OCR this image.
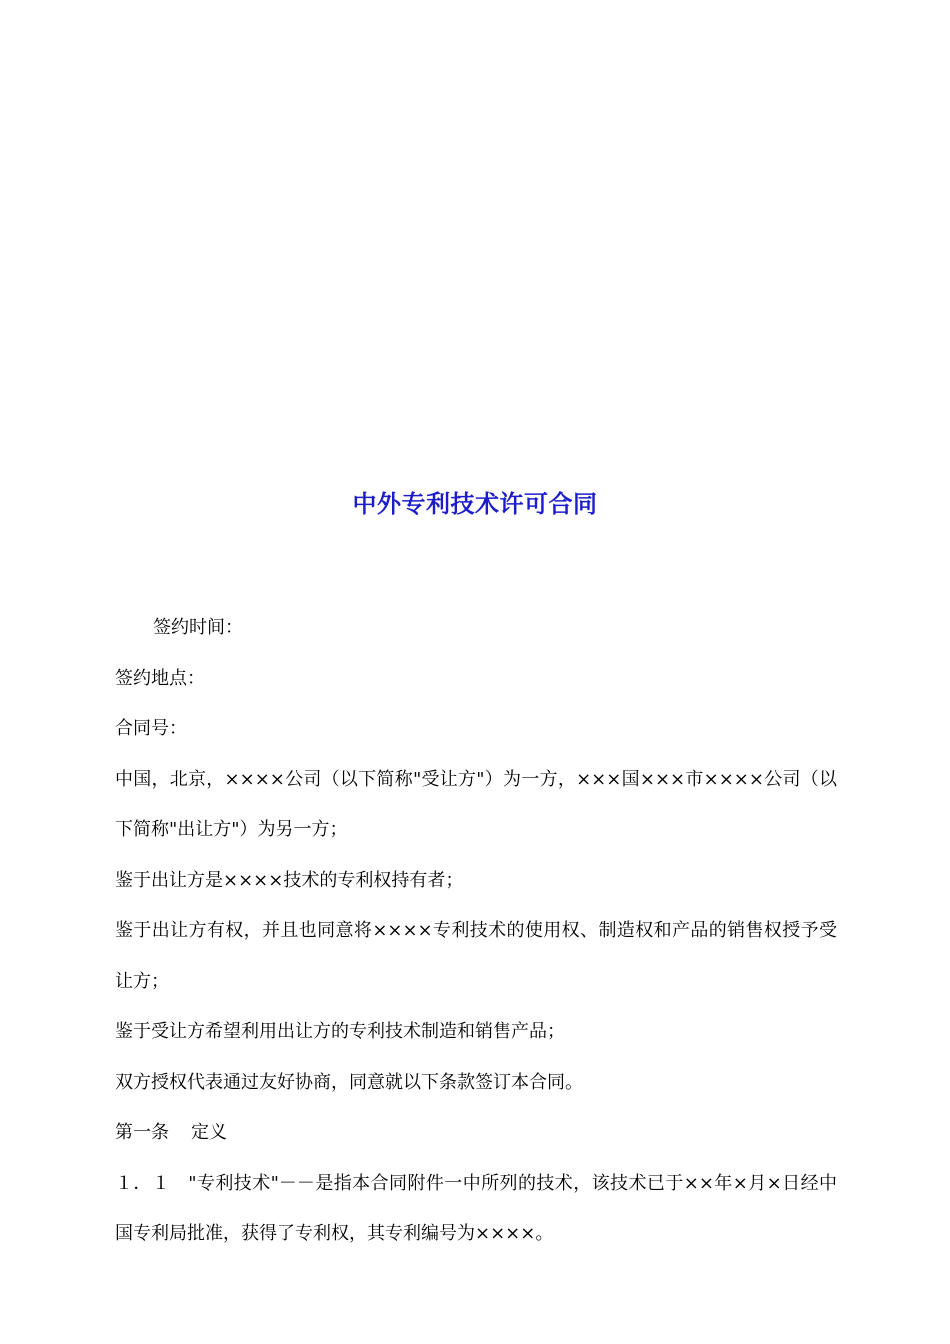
中外专利技术许可合同

签约时间：

签约地点：

合同号：

中国，北京，××××公司（以下简称"受让方"）为一方，×××国×××市××××公司（以下简称"出让方"）为另一方；

鉴于出让方是××××技术的专利权持有者；

鉴于出让方有权，并且也同意将××××专利技术的使用权、制造权和产品的销售权授予受让方；

鉴于受让方希望利用出让方的专利技术制造和销售产品；

双方授权代表通过友好协商，同意就以下条款签订本合同。

第一条 定义

１．１ "专利技术"－－是指本合同附件一中所列的技术，该技术已于××年×月×日经中国专利局批准，获得了专利权，其专利编号为××××。
